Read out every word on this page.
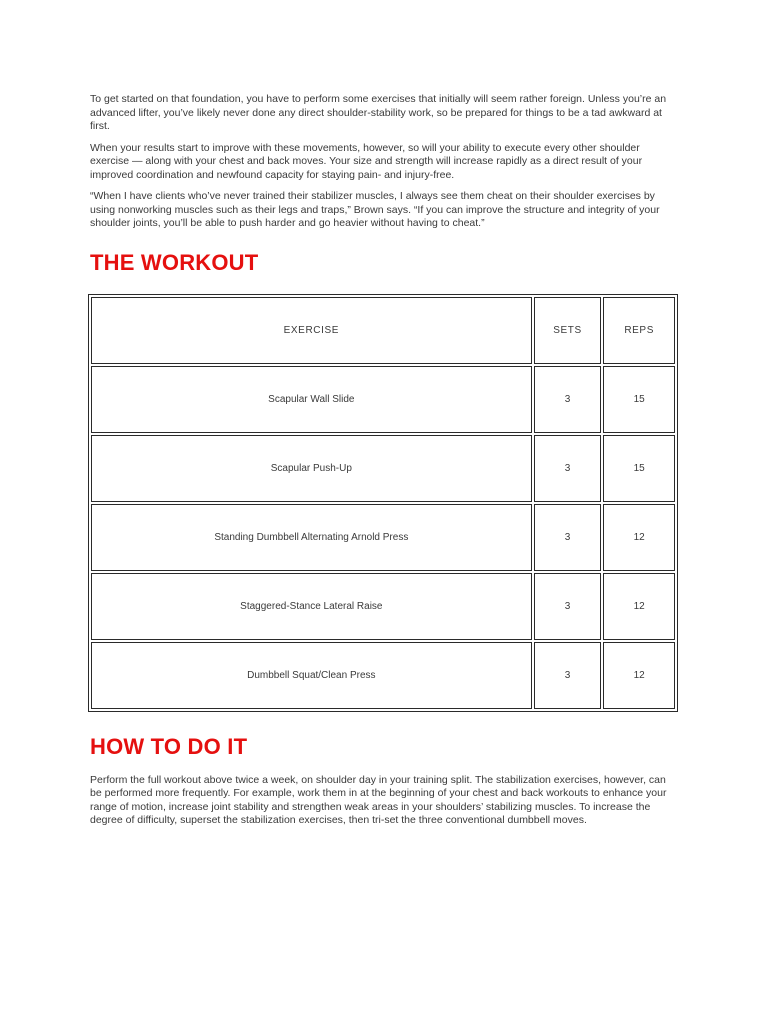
To get started on that foundation, you have to perform some exercises that initially will seem rather foreign. Unless you’re an advanced lifter, you’ve likely never done any direct shoulder-stability work, so be prepared for things to be a tad awkward at first.

When your results start to improve with these movements, however, so will your ability to execute every other shoulder exercise — along with your chest and back moves. Your size and strength will increase rapidly as a direct result of your improved coordination and newfound capacity for staying pain- and injury-free.

“When I have clients who’ve never trained their stabilizer muscles, I always see them cheat on their shoulder exercises by using nonworking muscles such as their legs and traps,” Brown says. “If you can improve the structure and integrity of your shoulder joints, you’ll be able to push harder and go heavier without having to cheat.”

THE WORKOUT
EXERCISE	SETS	REPS
Scapular Wall Slide	3	15
Scapular Push-Up	3	15
Standing Dumbbell Alternating Arnold Press	3	12
Staggered-Stance Lateral Raise	3	12
Dumbbell Squat/Clean Press	3	12
HOW TO DO IT

Perform the full workout above twice a week, on shoulder day in your training split. The stabilization exercises, however, can be performed more frequently. For example, work them in at the beginning of your chest and back workouts to enhance your range of motion, increase joint stability and strengthen weak areas in your shoulders’ stabilizing muscles. To increase the degree of difficulty, superset the stabilization exercises, then tri-set the three conventional dumbbell moves.
